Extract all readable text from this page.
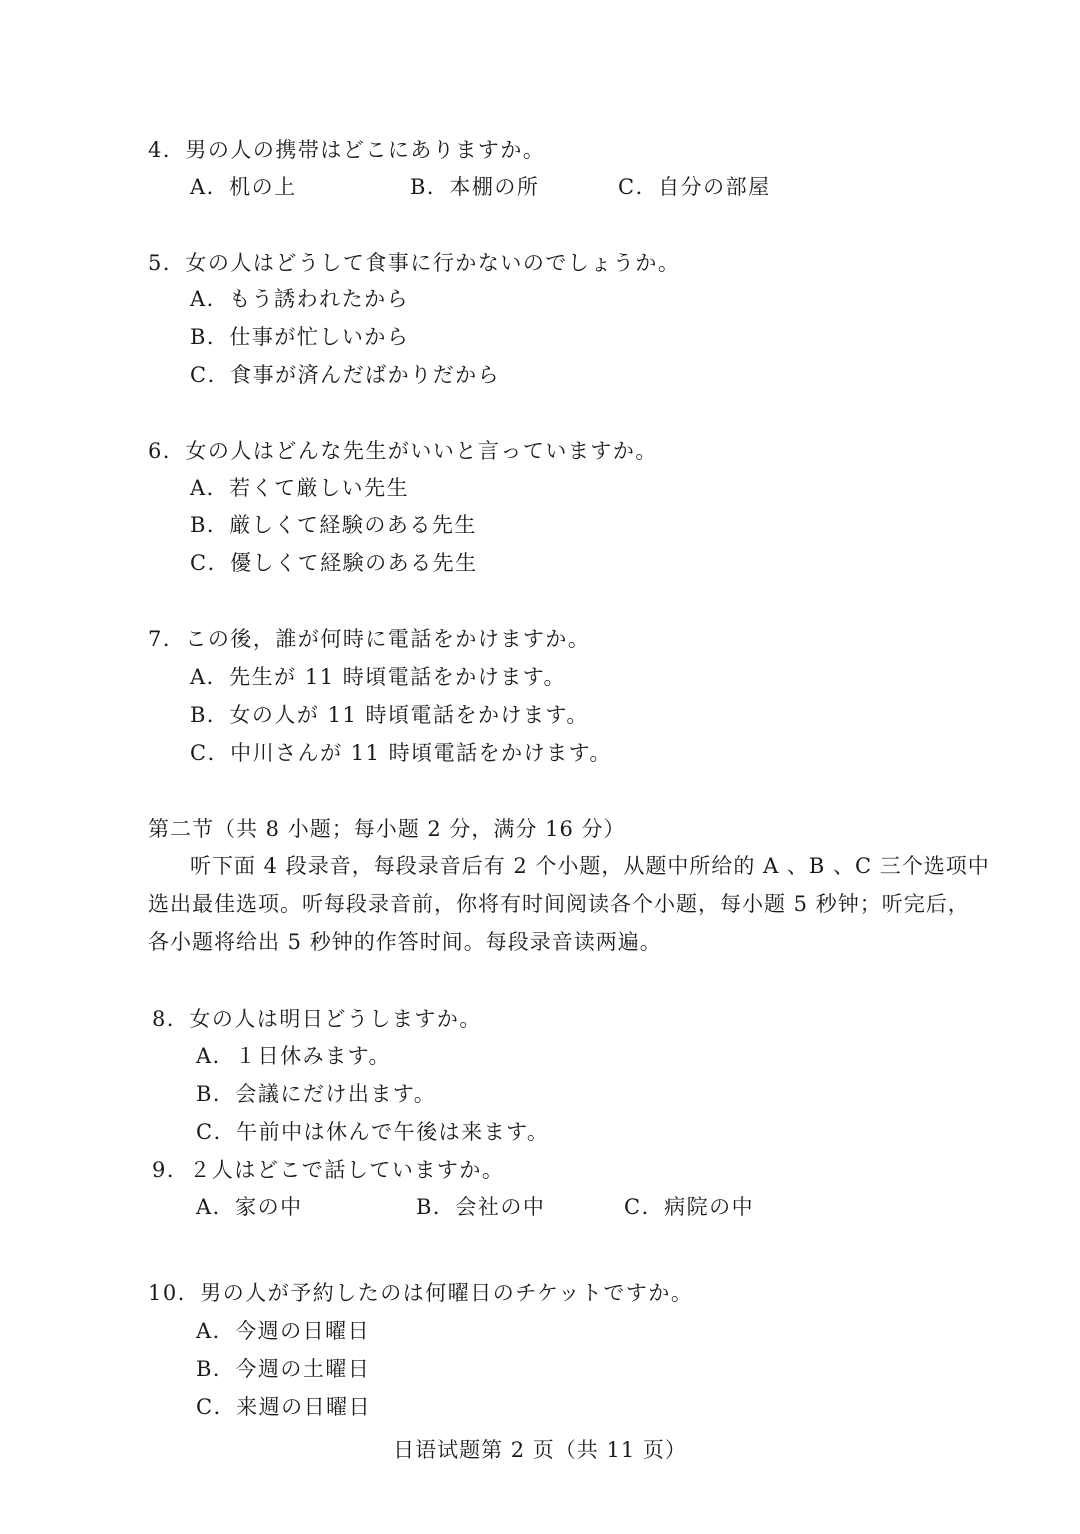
4．男の人の携帯はどこにありますか。
A．机の上	B．本棚の所	C．自分の部屋
5．女の人はどうして食事に行かないのでしょうか。
A．もう誘われたから
B．仕事が忙しいから
C．食事が済んだばかりだから
6．女の人はどんな先生がいいと言っていますか。
A．若くて厳しい先生
B．厳しくて経験のある先生
C．優しくて経験のある先生
7．この後，誰が何時に電話をかけますか。
A．先生が 11 時頃電話をかけます。
B．女の人が 11 時頃電話をかけます。
C．中川さんが 11 時頃電話をかけます。
第二节（共 8 小题；每小题 2 分，满分 16 分）
听下面 4 段录音，每段录音后有 2 个小题，从题中所给的 A 、B 、C 三个选项中
选出最佳选项。听每段录音前，你将有时间阅读各个小题，每小题 5 秒钟；听完后，
各小题将给出 5 秒钟的作答时间。每段录音读两遍。
8．女の人は明日どうしますか。
A．１日休みます。
B．会議にだけ出ます。
C．午前中は休んで午後は来ます。
9．２人はどこで話していますか。
A．家の中	B．会社の中	C．病院の中
10．男の人が予約したのは何曜日のチケットですか。
A．今週の日曜日
B．今週の土曜日
C．来週の日曜日
日语试题第 2 页（共 11 页）
